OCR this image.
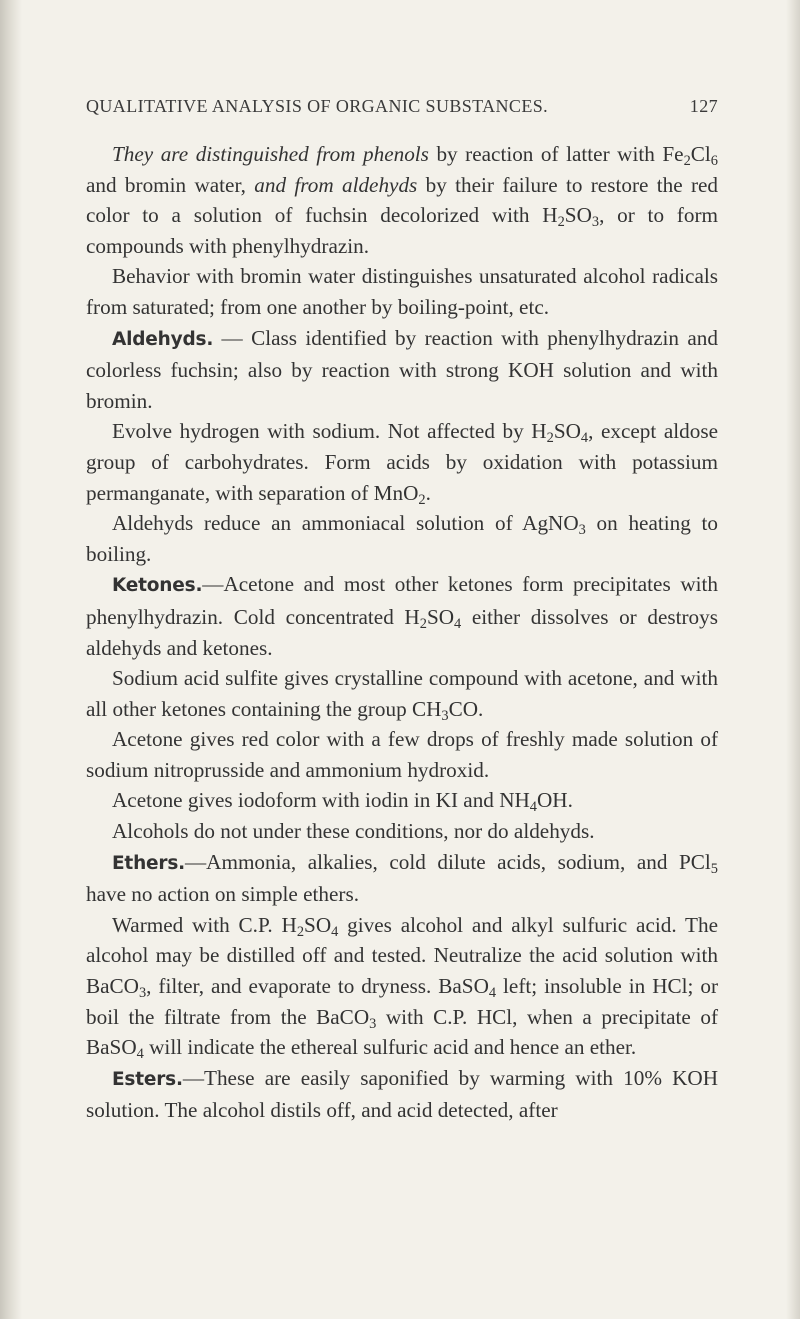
QUALITATIVE ANALYSIS OF ORGANIC SUBSTANCES.	127

They are distinguished from phenols by reaction of latter with $Fe_2Cl_6$ and bromin water, and from aldehyds by their failure to restore the red color to a solution of fuchsin decolorized with $H_2SO_3$, or to form compounds with phenylhydrazin.

Behavior with bromin water distinguishes unsaturated alcohol radicals from saturated; from one another by boiling-point, etc.

Aldehyds. — Class identified by reaction with phenylhydrazin and colorless fuchsin; also by reaction with strong KOH solution and with bromin.

Evolve hydrogen with sodium. Not affected by $H_2SO_4$, except aldose group of carbohydrates. Form acids by oxidation with potassium permanganate, with separation of MnO$_2$.

Aldehyds reduce an ammoniacal solution of AgNO$_3$ on heating to boiling.

Ketones.—Acetone and most other ketones form precipitates with phenylhydrazin. Cold concentrated $H_2SO_4$ either dissolves or destroys aldehyds and ketones.

Sodium acid sulfite gives crystalline compound with acetone, and with all other ketones containing the group $CH_3CO$.

Acetone gives red color with a few drops of freshly made solution of sodium nitroprusside and ammonium hydroxid.

Acetone gives iodoform with iodin in KI and $NH_4OH$.

Alcohols do not under these conditions, nor do aldehyds.

Ethers.—Ammonia, alkalies, cold dilute acids, sodium, and PCl$_5$ have no action on simple ethers.

Warmed with C.P. $H_2SO_4$ gives alcohol and alkyl sulfuric acid. The alcohol may be distilled off and tested. Neutralize the acid solution with BaCO$_3$, filter, and evaporate to dryness. BaSO$_4$ left; insoluble in HCl; or boil the filtrate from the BaCO$_3$ with C.P. HCl, when a precipitate of BaSO$_4$ will indicate the ethereal sulfuric acid and hence an ether.

Esters.—These are easily saponified by warming with 10% KOH solution. The alcohol distils off, and acid detected, after
